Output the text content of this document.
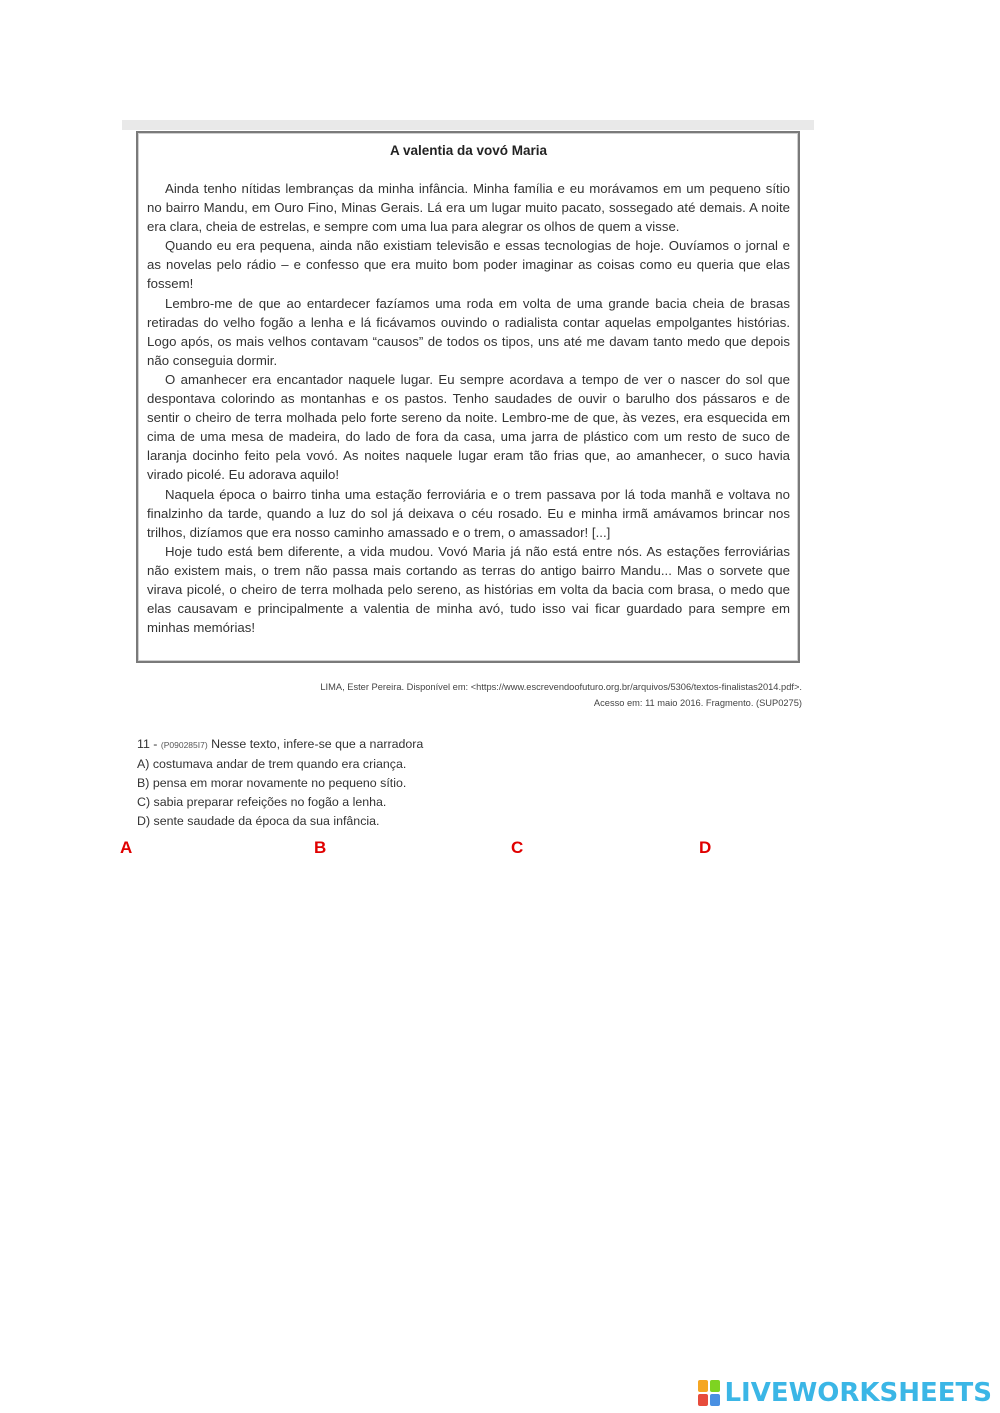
A valentia da vovó Maria

Ainda tenho nítidas lembranças da minha infância. Minha família e eu morávamos em um pequeno sítio no bairro Mandu, em Ouro Fino, Minas Gerais. Lá era um lugar muito pacato, sossegado até demais. A noite era clara, cheia de estrelas, e sempre com uma lua para alegrar os olhos de quem a visse.

Quando eu era pequena, ainda não existiam televisão e essas tecnologias de hoje. Ouvíamos o jornal e as novelas pelo rádio – e confesso que era muito bom poder imaginar as coisas como eu queria que elas fossem!

Lembro-me de que ao entardecer fazíamos uma roda em volta de uma grande bacia cheia de brasas retiradas do velho fogão a lenha e lá ficávamos ouvindo o radialista contar aquelas empolgantes histórias. Logo após, os mais velhos contavam “causos” de todos os tipos, uns até me davam tanto medo que depois não conseguia dormir.

O amanhecer era encantador naquele lugar. Eu sempre acordava a tempo de ver o nascer do sol que despontava colorindo as montanhas e os pastos. Tenho saudades de ouvir o barulho dos pássaros e de sentir o cheiro de terra molhada pelo forte sereno da noite. Lembro-me de que, às vezes, era esquecida em cima de uma mesa de madeira, do lado de fora da casa, uma jarra de plástico com um resto de suco de laranja docinho feito pela vovó. As noites naquele lugar eram tão frias que, ao amanhecer, o suco havia virado picolé. Eu adorava aquilo!

Naquela época o bairro tinha uma estação ferroviária e o trem passava por lá toda manhã e voltava no finalzinho da tarde, quando a luz do sol já deixava o céu rosado. Eu e minha irmã amávamos brincar nos trilhos, dizíamos que era nosso caminho amassado e o trem, o amassador! [...]

Hoje tudo está bem diferente, a vida mudou. Vovó Maria já não está entre nós. As estações ferroviárias não existem mais, o trem não passa mais cortando as terras do antigo bairro Mandu... Mas o sorvete que virava picolé, o cheiro de terra molhada pelo sereno, as histórias em volta da bacia com brasa, o medo que elas causavam e principalmente a valentia de minha avó, tudo isso vai ficar guardado para sempre em minhas memórias!

LIMA, Ester Pereira. Disponível em: <https://www.escrevendoofuturo.org.br/arquivos/5306/textos-finalistas2014.pdf>.
Acesso em: 11 maio 2016. Fragmento. (SUP0275)
11 - (P090285I7) Nesse texto, infere-se que a narradora
A) costumava andar de trem quando era criança.
B) pensa em morar novamente no pequeno sítio.
C) sabia preparar refeições no fogão a lenha.
D) sente saudade da época da sua infância.
A	B	C	D
LIVEWORKSHEETS
